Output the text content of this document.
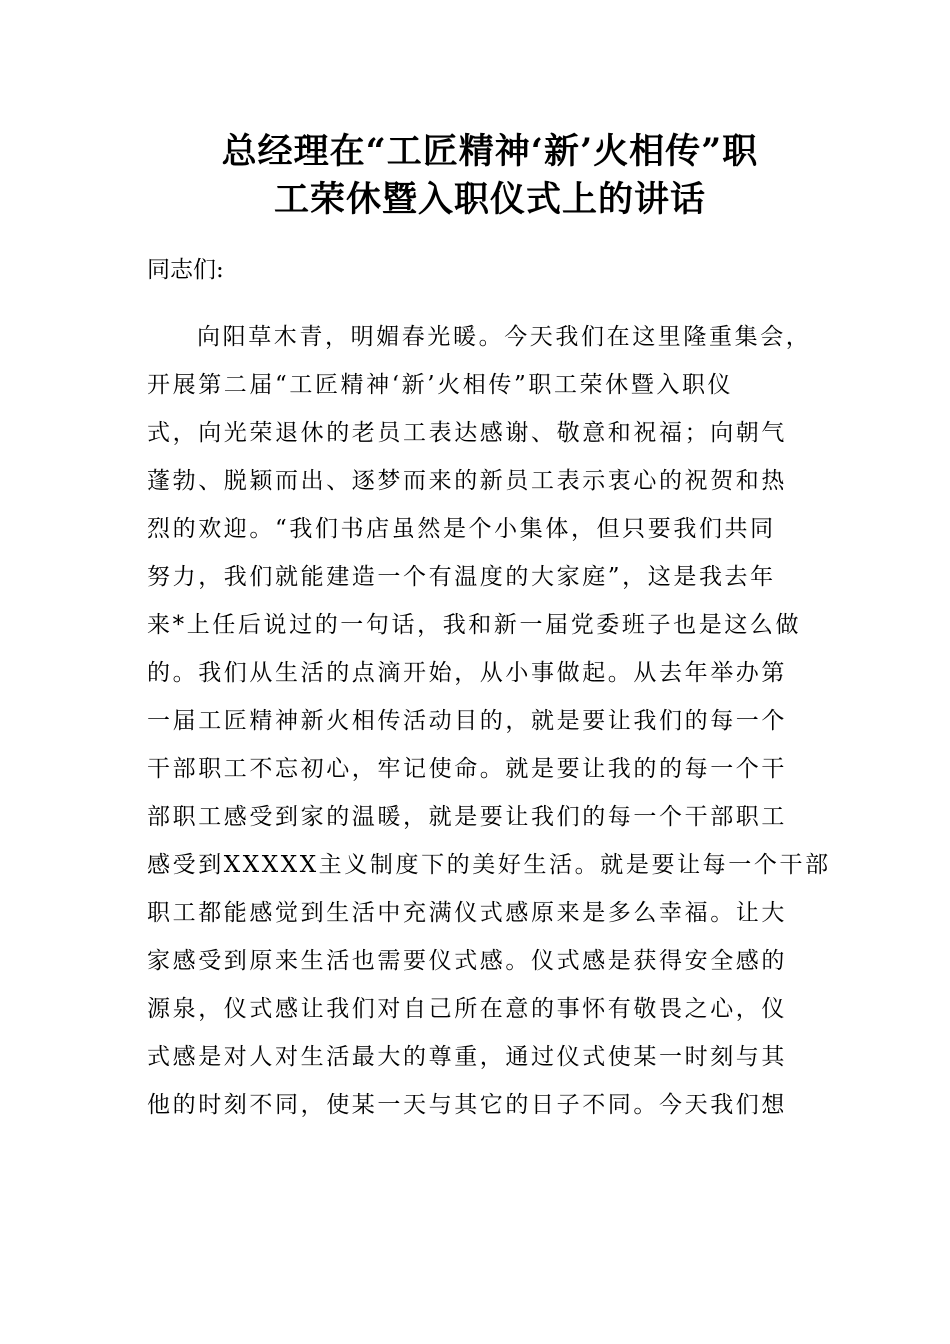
总经理在“工匠精神‘新’火相传”职
工荣休暨入职仪式上的讲话

同志们:

向阳草木青，明媚春光暖。今天我们在这里隆重集会，
开展第二届“工匠精神‘新’火相传”职工荣休暨入职仪
式，向光荣退休的老员工表达感谢、敬意和祝福；向朝气
蓬勃、脱颖而出、逐梦而来的新员工表示衷心的祝贺和热
烈的欢迎。“我们书店虽然是个小集体，但只要我们共同
努力，我们就能建造一个有温度的大家庭”，这是我去年
来*上任后说过的一句话，我和新一届党委班子也是这么做
的。我们从生活的点滴开始，从小事做起。从去年举办第
一届工匠精神新火相传活动目的，就是要让我们的每一个
干部职工不忘初心，牢记使命。就是要让我的的每一个干
部职工感受到家的温暖，就是要让我们的每一个干部职工
感受到XXXXX主义制度下的美好生活。就是要让每一个干部
职工都能感觉到生活中充满仪式感原来是多么幸福。让大
家感受到原来生活也需要仪式感。仪式感是获得安全感的
源泉，仪式感让我们对自己所在意的事怀有敬畏之心，仪
式感是对人对生活最大的尊重，通过仪式使某一时刻与其
他的时刻不同，使某一天与其它的日子不同。今天我们想
